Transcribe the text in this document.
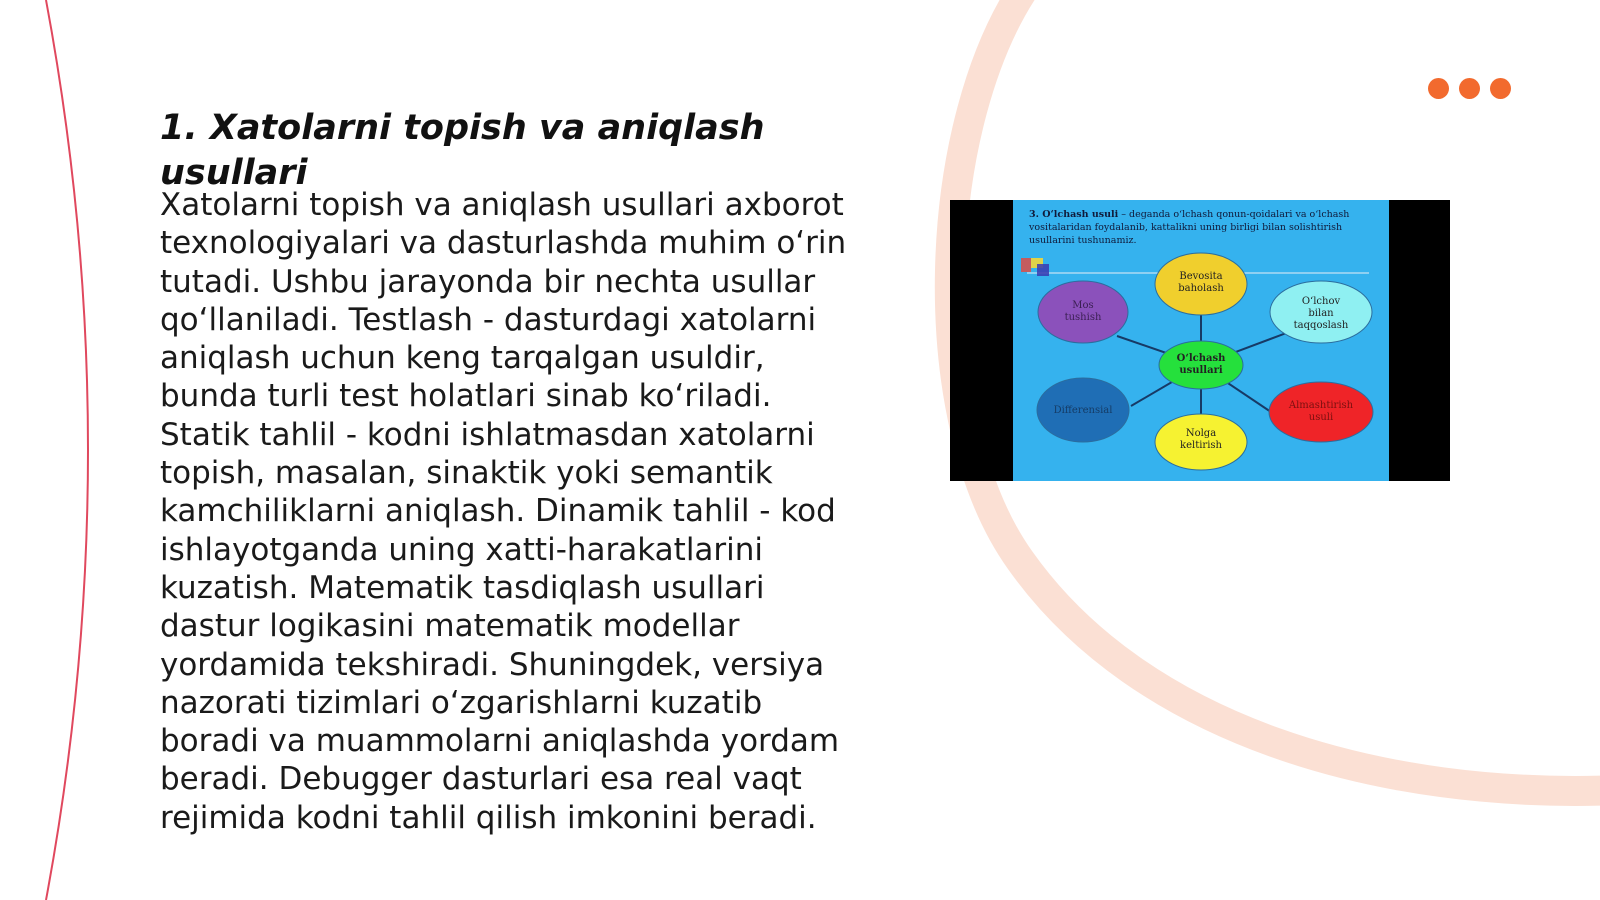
1. Xatolarni topish va aniqlash usullari

Xatolarni topish va aniqlash usullari axborot texnologiyalari va dasturlashda muhim o‘rin tutadi. Ushbu jarayonda bir nechta usullar qo‘llaniladi. Testlash - dasturdagi xatolarni aniqlash uchun keng tarqalgan usuldir, bunda turli test holatlari sinab ko‘riladi. Statik tahlil - kodni ishlatmasdan xatolarni topish, masalan, sinaktik yoki semantik kamchiliklarni aniqlash. Dinamik tahlil - kod ishlayotganda uning xatti-harakatlarini kuzatish. Matematik tasdiqlash usullari dastur logikasini matematik modellar yordamida tekshiradi. Shuningdek, versiya nazorati tizimlari o‘zgarishlarni kuzatib boradi va muammolarni aniqlashda yordam beradi. Debugger dasturlari esa real vaqt rejimida kodni tahlil qilish imkonini beradi.

3. O‘lchash usuli – deganda o‘lchash qonun-qoidalari va o‘lchash vositalaridan foydalanib, kattalikni uning birligi bilan solishtirish usullarini tushunamiz.

Bevosita baholash
O‘lchov bilan taqqoslash
O‘lchash usullari
Mos tushish
Differensial	Almashtirish usuli
Nolga keltirish
